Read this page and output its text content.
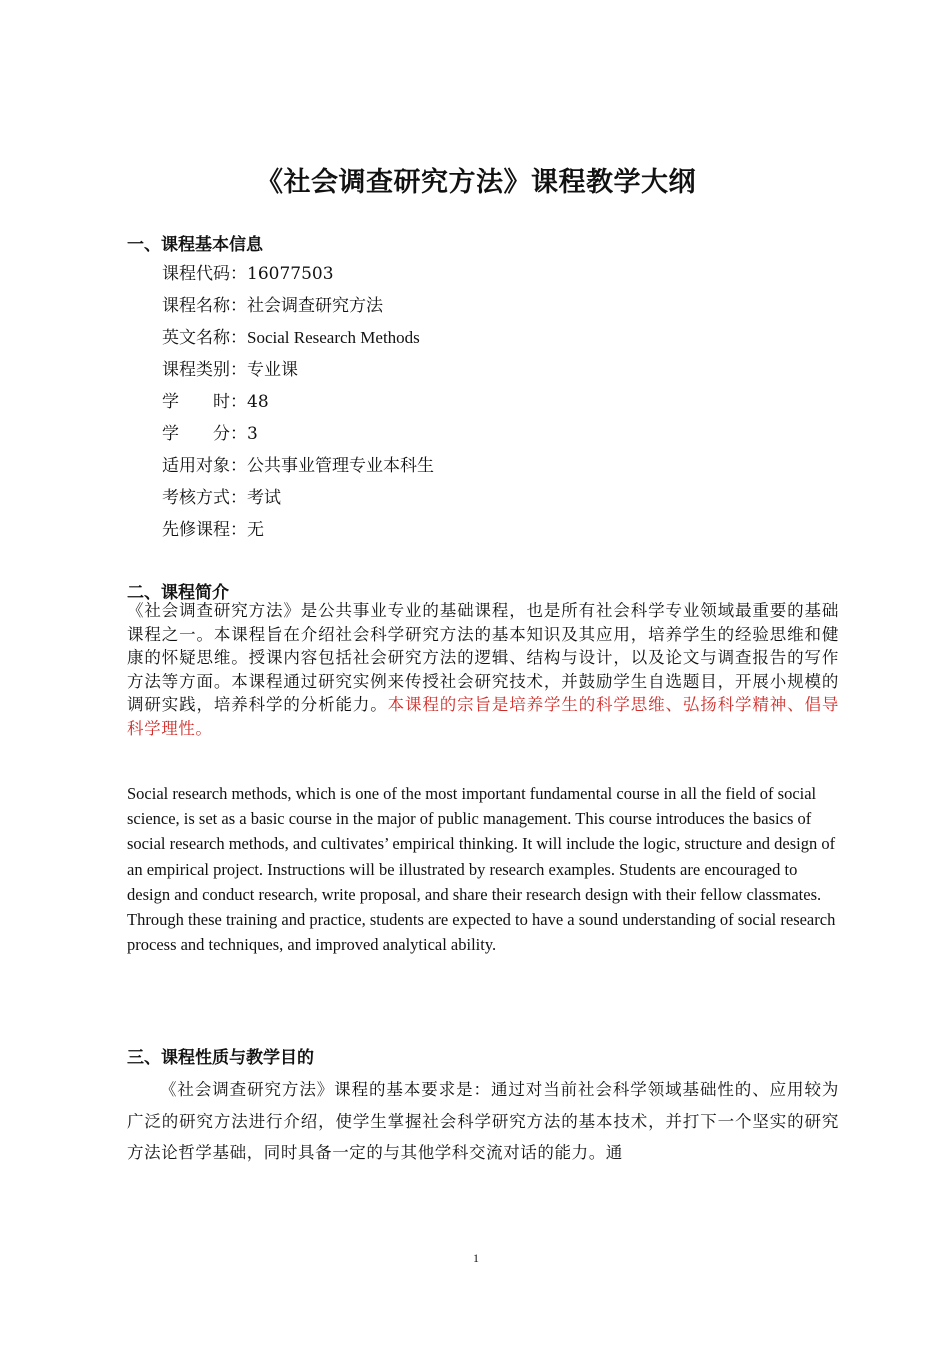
《社会调查研究方法》课程教学大纲
一、课程基本信息
课程代码：16077503
课程名称：社会调查研究方法
英文名称：Social Research Methods
课程类别：专业课
学　　时：48
学　　分：3
适用对象：公共事业管理专业本科生
考核方式：考试
先修课程：无
二、课程简介

《社会调查研究方法》是公共事业专业的基础课程，也是所有社会科学专业领域最重要的基础课程之一。本课程旨在介绍社会科学研究方法的基本知识及其应用，培养学生的经验思维和健康的怀疑思维。授课内容包括社会研究方法的逻辑、结构与设计，以及论文与调查报告的写作方法等方面。本课程通过研究实例来传授社会研究技术，并鼓励学生自选题目，开展小规模的调研实践，培养科学的分析能力。本课程的宗旨是培养学生的科学思维、弘扬科学精神、倡导科学理性。

Social research methods, which is one of the most important fundamental course in all the field of social science, is set as a basic course in the major of public management. This course introduces the basics of social research methods, and cultivates’ empirical thinking. It will include the logic, structure and design of an empirical project. Instructions will be illustrated by research examples. Students are encouraged to design and conduct research, write proposal, and share their research design with their fellow classmates. Through these training and practice, students are expected to have a sound understanding of social research process and techniques, and improved analytical ability.

三、课程性质与教学目的

《社会调查研究方法》课程的基本要求是：通过对当前社会科学领域基础性的、应用较为广泛的研究方法进行介绍，使学生掌握社会科学研究方法的基本技术，并打下一个坚实的研究方法论哲学基础，同时具备一定的与其他学科交流对话的能力。通

1
